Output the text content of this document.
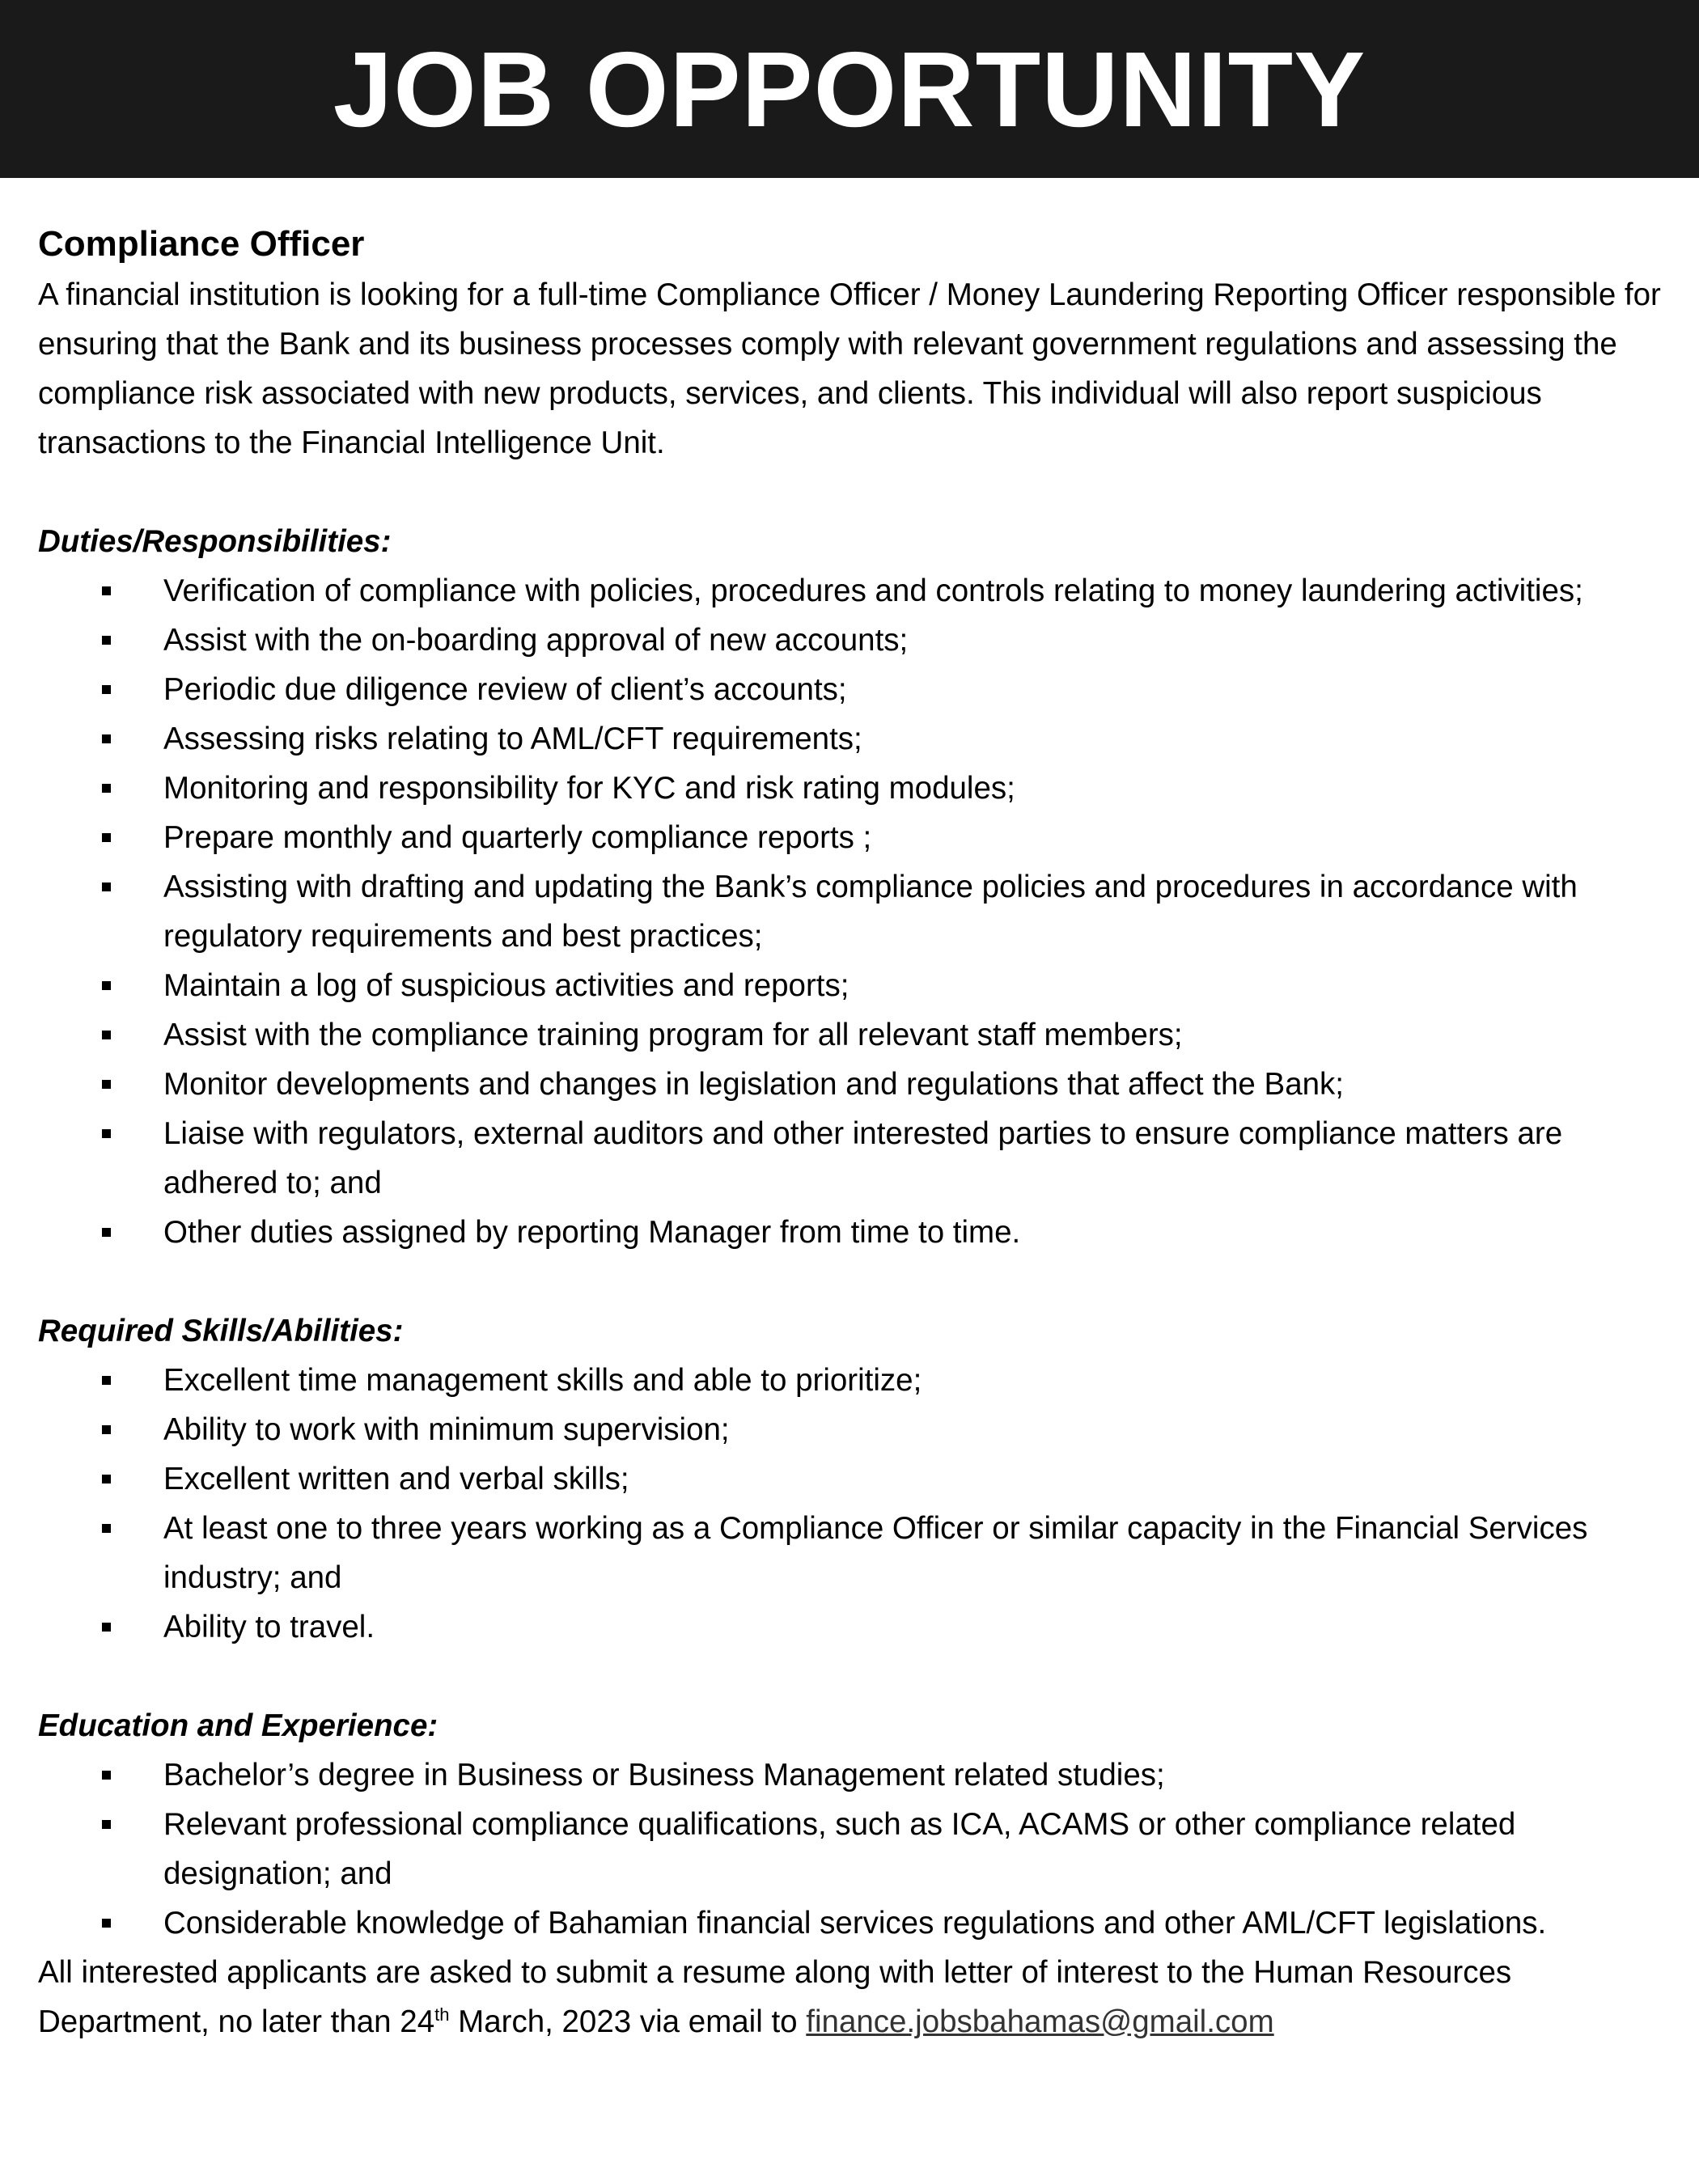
JOB OPPORTUNITY

Compliance Officer

A financial institution is looking for a full-time Compliance Officer / Money Laundering Reporting Officer responsible for ensuring that the Bank and its business processes comply with relevant government regulations and assessing the compliance risk associated with new products, services, and clients. This individual will also report suspicious transactions to the Financial Intelligence Unit.

Duties/Responsibilities:

Verification of compliance with policies, procedures and controls relating to money laundering activities;
Assist with the on-boarding approval of new accounts;
Periodic due diligence review of client’s accounts;
Assessing risks relating to AML/CFT requirements;
Monitoring and responsibility for KYC and risk rating modules;
Prepare monthly and quarterly compliance reports ;
Assisting with drafting and updating the Bank’s compliance policies and procedures in accordance with regulatory requirements and best practices;
Maintain a log of suspicious activities and reports;
Assist with the compliance training program for all relevant staff members;
Monitor developments and changes in legislation and regulations that affect the Bank;
Liaise with regulators, external auditors and other interested parties to ensure compliance matters are adhered to; and
Other duties assigned by reporting Manager from time to time.

Required Skills/Abilities:

Excellent time management skills and able to prioritize;
Ability to work with minimum supervision;
Excellent written and verbal skills;
At least one to three years working as a Compliance Officer or similar capacity in the Financial Services industry; and
Ability to travel.

Education and Experience:

Bachelor’s degree in Business or Business Management related studies;
Relevant professional compliance qualifications, such as ICA, ACAMS or other compliance related designation; and
Considerable knowledge of Bahamian financial services regulations and other AML/CFT legislations.

All interested applicants are asked to submit a resume along with letter of interest to the Human Resources Department, no later than 24th March, 2023 via email to finance.jobsbahamas@gmail.com
